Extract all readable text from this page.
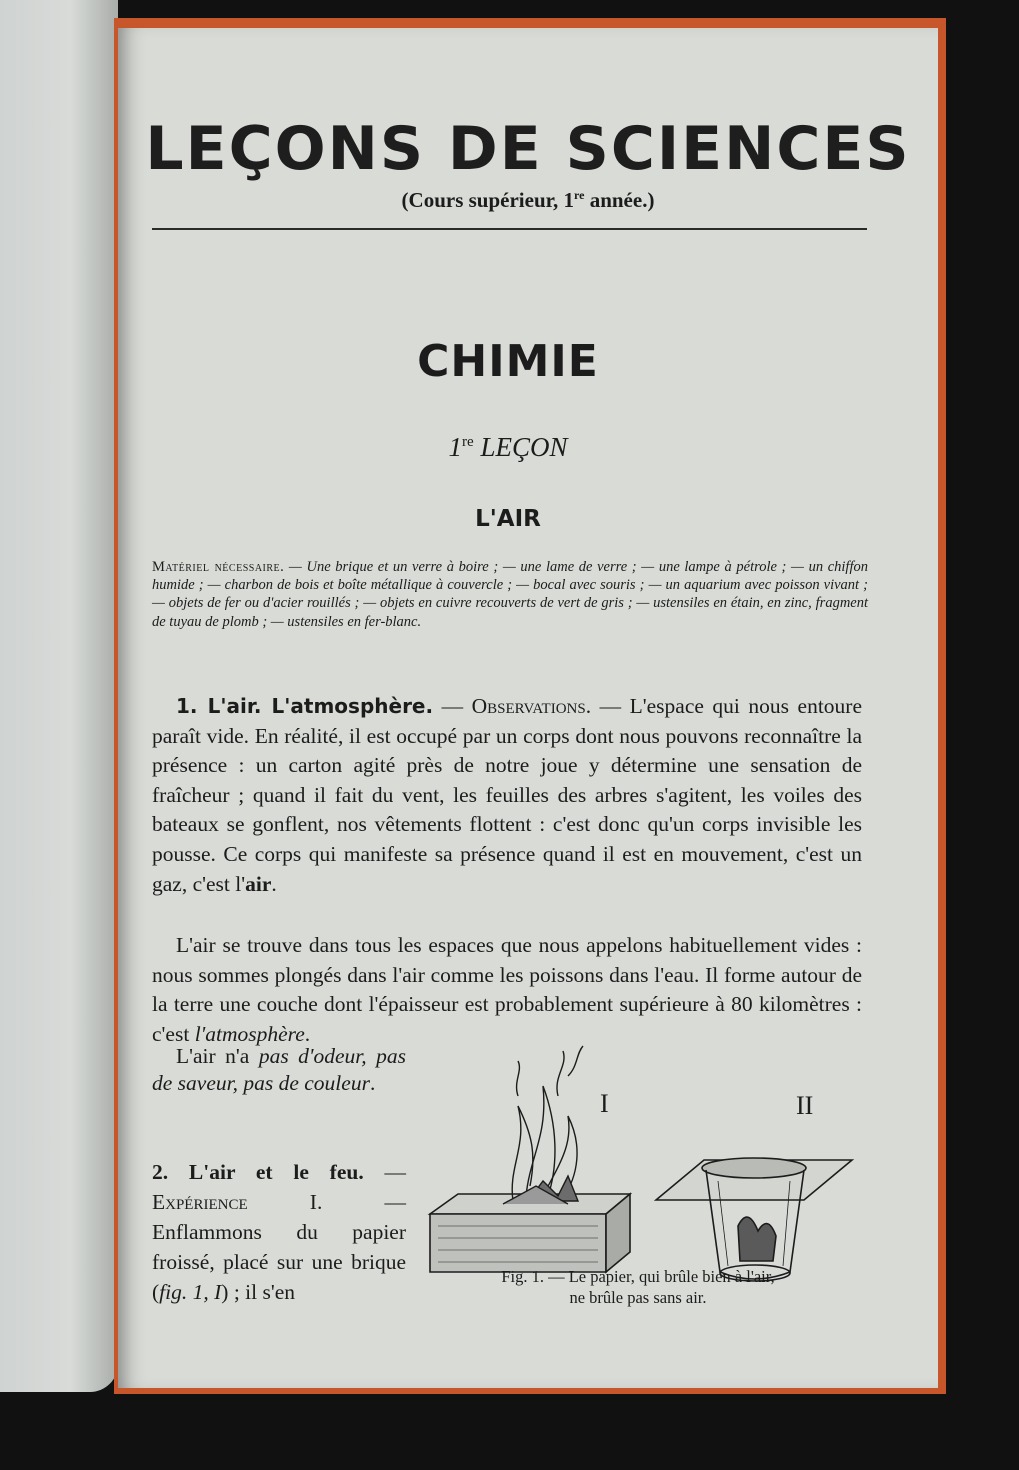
LEÇONS DE SCIENCES
(Cours supérieur, 1re année.)
CHIMIE
1re LEÇON
L'AIR
Matériel nécessaire. — Une brique et un verre à boire ; — une lame de verre ; — une lampe à pétrole ; — un chiffon humide ; — charbon de bois et boîte métallique à couvercle ; — bocal avec souris ; — un aquarium avec poisson vivant ; — objets de fer ou d'acier rouillés ; — objets en cuivre recouverts de vert de gris ; — ustensiles en étain, en zinc, fragment de tuyau de plomb ; — ustensiles en fer-blanc.
1. L'air. L'atmosphère. — Observations. — L'espace qui nous entoure paraît vide. En réalité, il est occupé par un corps dont nous pouvons reconnaître la présence : un carton agité près de notre joue y détermine une sensation de fraîcheur ; quand il fait du vent, les feuilles des arbres s'agitent, les voiles des bateaux se gonflent, nos vêtements flottent : c'est donc qu'un corps invisible les pousse. Ce corps qui manifeste sa présence quand il est en mouvement, c'est un gaz, c'est l'air.
L'air se trouve dans tous les espaces que nous appelons habituellement vides : nous sommes plongés dans l'air comme les poissons dans l'eau. Il forme autour de la terre une couche dont l'épaisseur est probablement supérieure à 80 kilomètres : c'est l'atmosphère.
L'air n'a pas d'odeur, pas de saveur, pas de couleur.
2. L'air et le feu. — Expérience I. — Enflammons du papier froissé, placé sur une brique (fig. 1, I) ; il s'en
I	II
Fig. 1. — Le papier, qui brûle bien à l'air,
ne brûle pas sans air.
